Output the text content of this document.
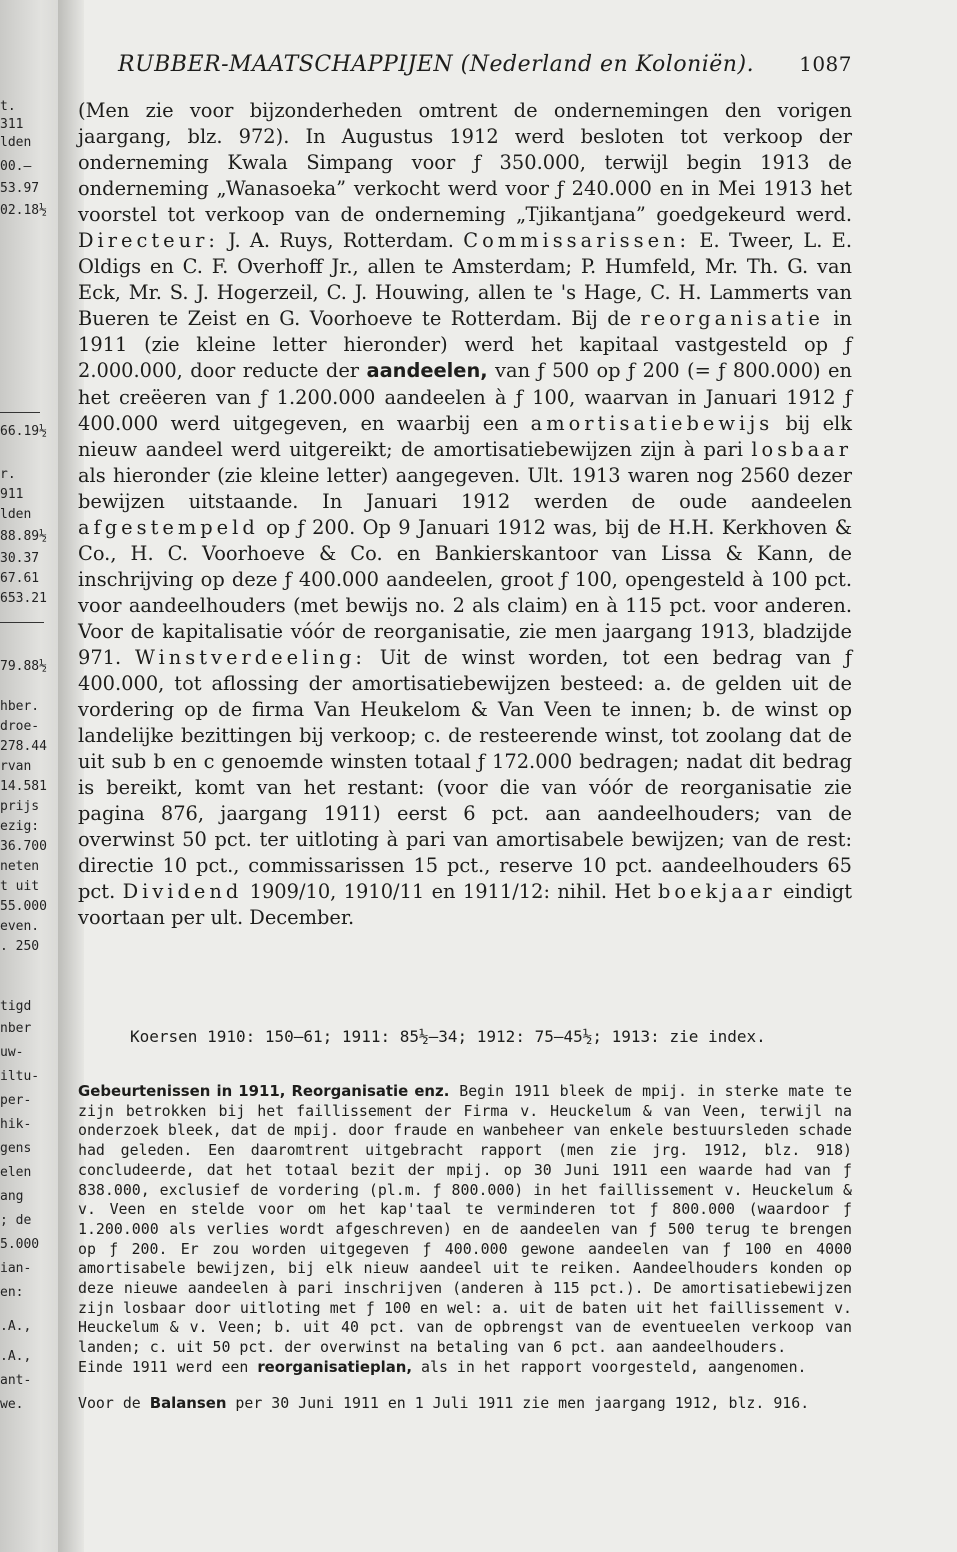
t.
311
lden
00.–
53.97
02.18½
66.19½
r.
911
lden
88.89½
30.37
67.61
653.21
79.88½
hber.
droe-
278.44
rvan
14.581
prijs
ezig:
36.700
neten
t uit
55.000
even.
. 250
tigd
nber
uw-
iltu-
per-
hik-
gens
elen
ang
; de
5.000
ian-
en:
.A.,
.A.,
ant-
we.
RUBBER-MAATSCHAPPIJEN (Nederland en Koloniën). 1087

(Men zie voor bijzonderheden omtrent de ondernemingen den vorigen jaargang, blz. 972). In Augustus 1912 werd besloten tot verkoop der onderneming Kwala Simpang voor ƒ 350.000, terwijl begin 1913 de onderneming „Wanasoeka” verkocht werd voor ƒ 240.000 en in Mei 1913 het voorstel tot verkoop van de onderneming „Tjikantjana” goedgekeurd werd. Directeur: J. A. Ruys, Rotterdam. Commissarissen: E. Tweer, L. E. Oldigs en C. F. Overhoff Jr., allen te Amsterdam; P. Humfeld, Mr. Th. G. van Eck, Mr. S. J. Hogerzeil, C. J. Houwing, allen te 's Hage, C. H. Lammerts van Bueren te Zeist en G. Voorhoeve te Rotterdam. Bij de reorganisatie in 1911 (zie kleine letter hieronder) werd het kapitaal vastgesteld op ƒ 2.000.000, door reducte der aandeelen, van ƒ 500 op ƒ 200 (= ƒ 800.000) en het creëeren van ƒ 1.200.000 aandeelen à ƒ 100, waarvan in Januari 1912 ƒ 400.000 werd uitgegeven, en waarbij een amortisatiebewijs bij elk nieuw aandeel werd uitgereikt; de amortisatiebewijzen zijn à pari losbaar als hieronder (zie kleine letter) aangegeven. Ult. 1913 waren nog 2560 dezer bewijzen uitstaande. In Januari 1912 werden de oude aandeelen afgestempeld op ƒ 200. Op 9 Januari 1912 was, bij de H.H. Kerkhoven & Co., H. C. Voorhoeve & Co. en Bankierskantoor van Lissa & Kann, de inschrijving op deze ƒ 400.000 aandeelen, groot ƒ 100, opengesteld à 100 pct. voor aandeelhouders (met bewijs no. 2 als claim) en à 115 pct. voor anderen. Voor de kapitalisatie vóór de reorganisatie, zie men jaargang 1913, bladzijde 971. Winstverdeeling: Uit de winst worden, tot een bedrag van ƒ 400.000, tot aflossing der amortisatiebewijzen besteed: a. de gelden uit de vordering op de firma Van Heukelom & Van Veen te innen; b. de winst op landelijke bezittingen bij verkoop; c. de resteerende winst, tot zoolang dat de uit sub b en c genoemde winsten totaal ƒ 172.000 bedragen; nadat dit bedrag is bereikt, komt van het restant: (voor die van vóór de reorganisatie zie pagina 876, jaargang 1911) eerst 6 pct. aan aandeelhouders; van de overwinst 50 pct. ter uitloting à pari van amortisabele bewijzen; van de rest: directie 10 pct., commissarissen 15 pct., reserve 10 pct. aandeelhouders 65 pct. Dividend 1909/10, 1910/11 en 1911/12: nihil. Het boekjaar eindigt voortaan per ult. December.

Koersen 1910: 150–61; 1911: 85½–34; 1912: 75–45½; 1913: zie index.

Gebeurtenissen in 1911, Reorganisatie enz. Begin 1911 bleek de mpij. in sterke mate te zijn betrokken bij het faillissement der Firma v. Heuckelum & van Veen, terwijl na onderzoek bleek, dat de mpij. door fraude en wanbeheer van enkele bestuursleden schade had geleden. Een daaromtrent uitgebracht rapport (men zie jrg. 1912, blz. 918) concludeerde, dat het totaal bezit der mpij. op 30 Juni 1911 een waarde had van ƒ 838.000, exclusief de vordering (pl.m. ƒ 800.000) in het faillissement v. Heuckelum & v. Veen en stelde voor om het kap'taal te verminderen tot ƒ 800.000 (waardoor ƒ 1.200.000 als verlies wordt afgeschreven) en de aandeelen van ƒ 500 terug te brengen op ƒ 200. Er zou worden uitgegeven ƒ 400.000 gewone aandeelen van ƒ 100 en 4000 amortisabele bewijzen, bij elk nieuw aandeel uit te reiken. Aandeelhouders konden op deze nieuwe aandeelen à pari inschrijven (anderen à 115 pct.). De amortisatiebewijzen zijn losbaar door uitloting met ƒ 100 en wel: a. uit de baten uit het faillissement v. Heuckelum & v. Veen; b. uit 40 pct. van de opbrengst van de eventueelen verkoop van landen; c. uit 50 pct. der overwinst na betaling van 6 pct. aan aandeelhouders.

Einde 1911 werd een reorganisatieplan, als in het rapport voorgesteld, aangenomen.

Voor de Balansen per 30 Juni 1911 en 1 Juli 1911 zie men jaargang 1912, blz. 916.
